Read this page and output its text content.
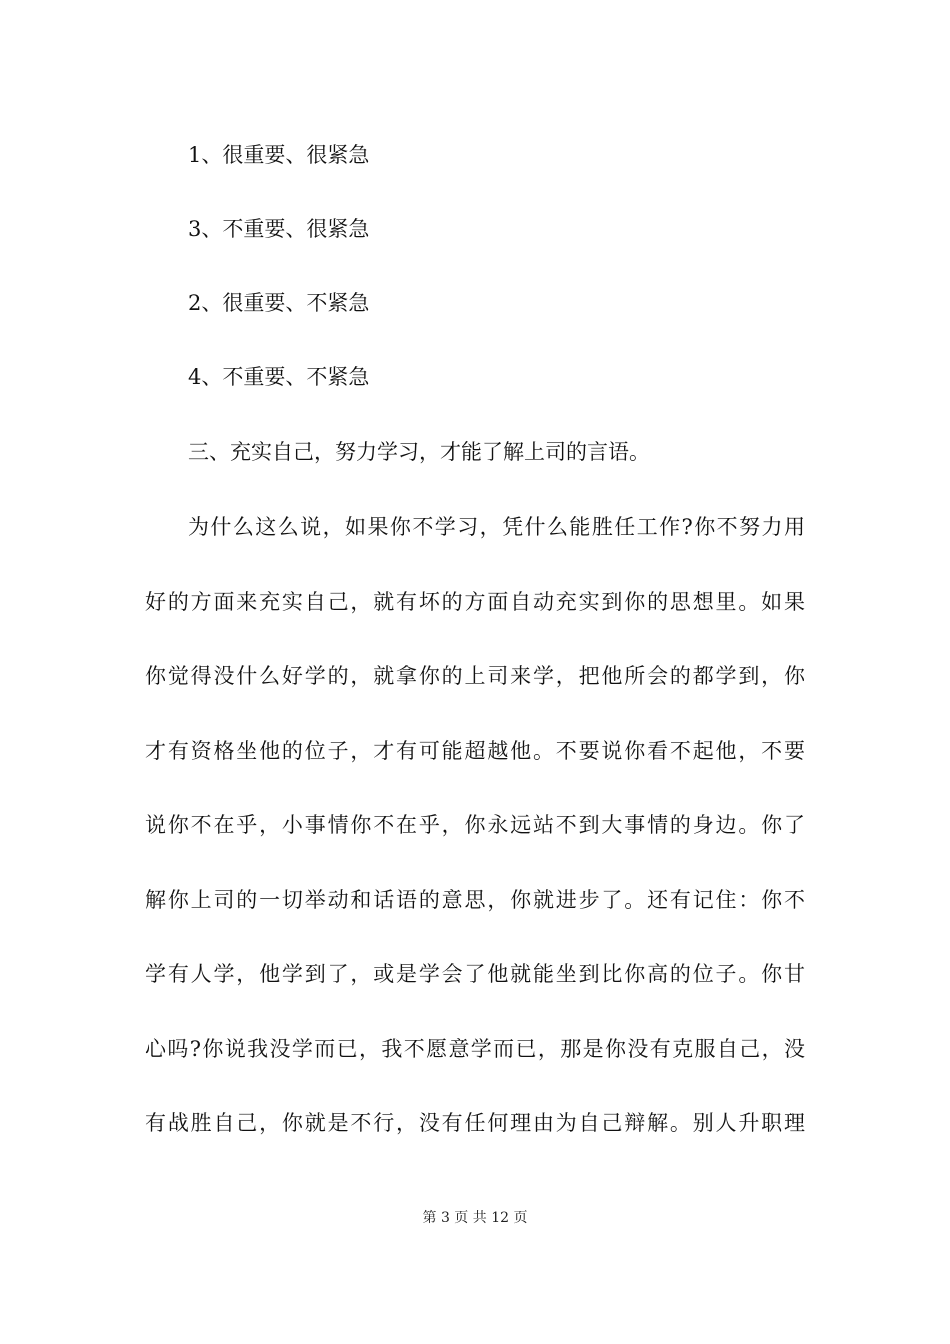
1、很重要、很紧急
3、不重要、很紧急
2、很重要、不紧急
4、不重要、不紧急
三、充实自己，努力学习，才能了解上司的言语。
为什么这么说，如果你不学习，凭什么能胜任工作?你不努力用
好的方面来充实自己，就有坏的方面自动充实到你的思想里。如果
你觉得没什么好学的，就拿你的上司来学，把他所会的都学到，你
才有资格坐他的位子，才有可能超越他。不要说你看不起他，不要
说你不在乎，小事情你不在乎，你永远站不到大事情的身边。你了
解你上司的一切举动和话语的意思，你就进步了。还有记住：你不
学有人学，他学到了，或是学会了他就能坐到比你高的位子。你甘
心吗?你说我没学而已，我不愿意学而已，那是你没有克服自己，没
有战胜自己，你就是不行，没有任何理由为自己辩解。别人升职理
第 3 页 共 12 页
